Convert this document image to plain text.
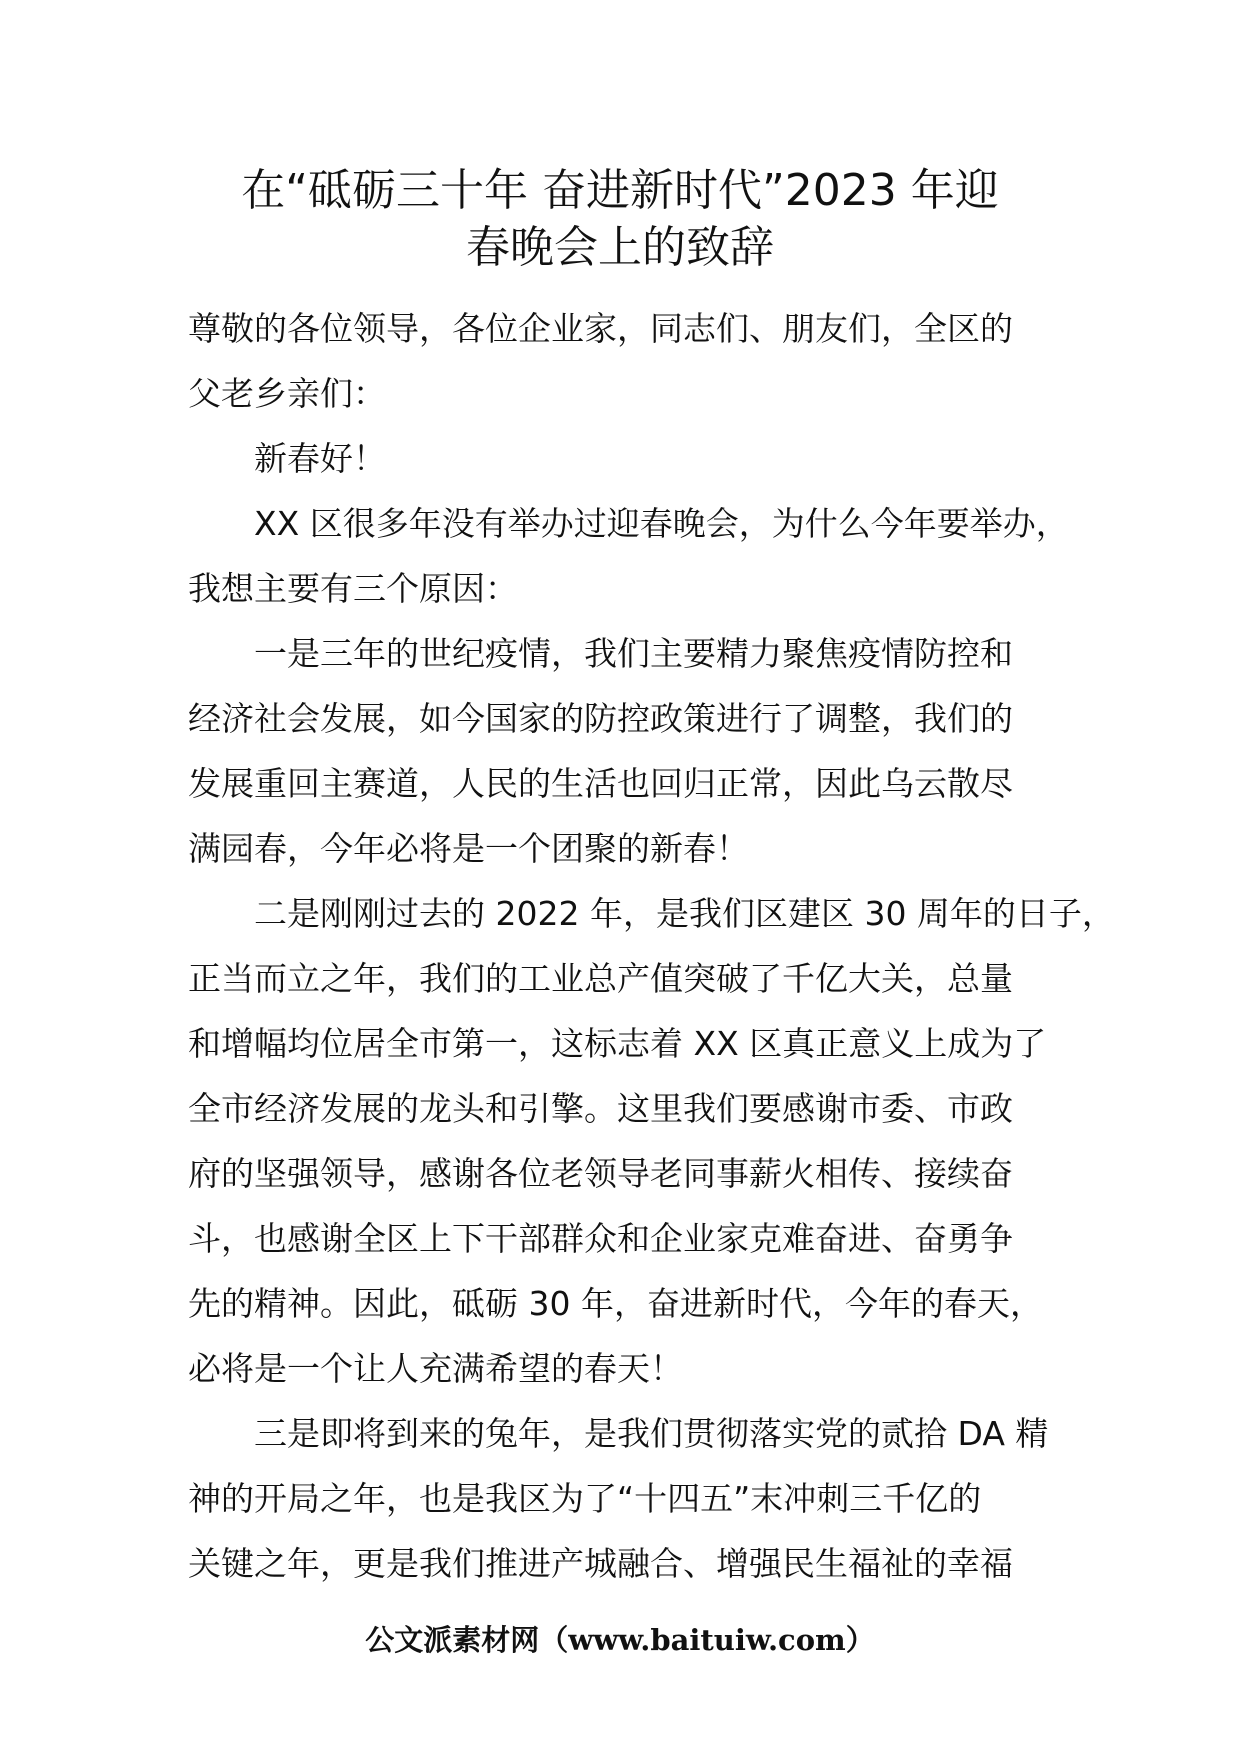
在“砥砺三十年 奋进新时代”2023 年迎
春晚会上的致辞
尊敬的各位领导，各位企业家，同志们、朋友们，全区的
父老乡亲们：
新春好！
XX 区很多年没有举办过迎春晚会，为什么今年要举办，
我想主要有三个原因：
一是三年的世纪疫情，我们主要精力聚焦疫情防控和
经济社会发展，如今国家的防控政策进行了调整，我们的
发展重回主赛道，人民的生活也回归正常，因此乌云散尽
满园春，今年必将是一个团聚的新春！
二是刚刚过去的 2022 年，是我们区建区 30 周年的日子，
正当而立之年，我们的工业总产值突破了千亿大关，总量
和增幅均位居全市第一，这标志着 XX 区真正意义上成为了
全市经济发展的龙头和引擎。这里我们要感谢市委、市政
府的坚强领导，感谢各位老领导老同事薪火相传、接续奋
斗，也感谢全区上下干部群众和企业家克难奋进、奋勇争
先的精神。因此，砥砺 30 年，奋进新时代，今年的春天，
必将是一个让人充满希望的春天！
三是即将到来的兔年，是我们贯彻落实党的贰拾 DA 精
神的开局之年，也是我区为了“十四五”末冲刺三千亿的
关键之年，更是我们推进产城融合、增强民生福祉的幸福
公文派素材网（www.baituiw.com）
